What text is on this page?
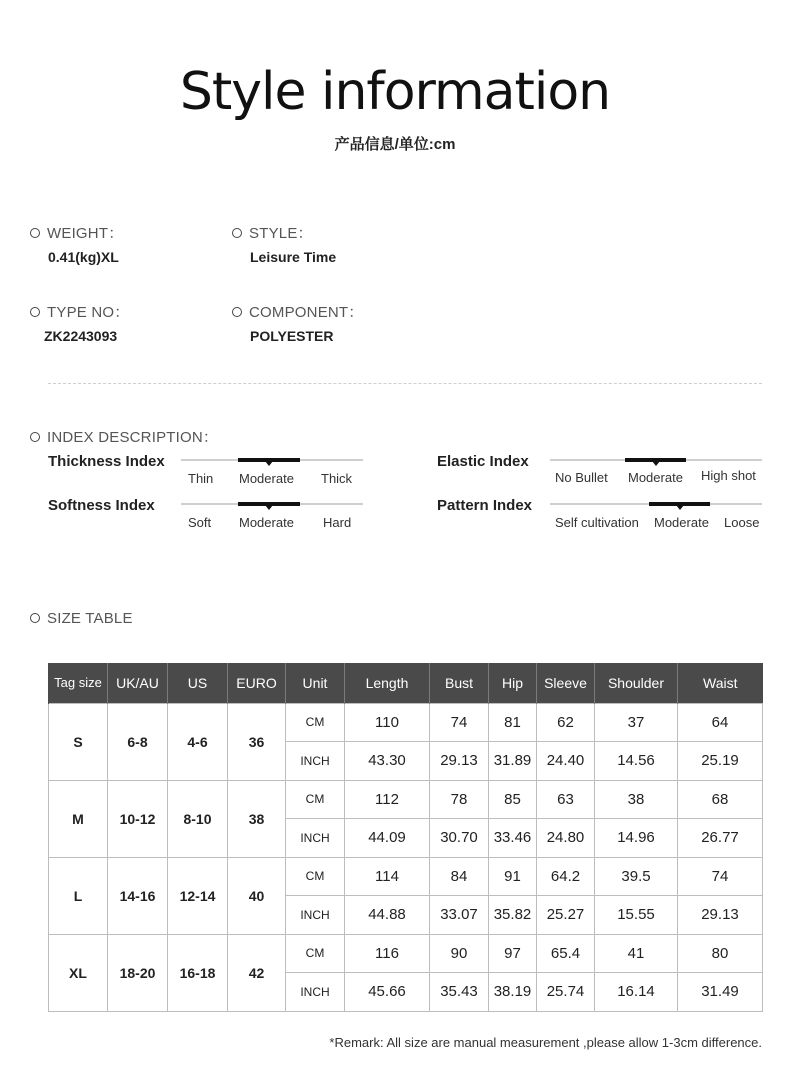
Style information
产品信息/单位:cm
WEIGHT：
0.41(kg)XL
STYLE：
Leisure Time
TYPE NO：
ZK2243093
COMPONENT：
POLYESTER
INDEX DESCRIPTION：
Thickness Index
Thin Moderate Thick
Softness Index
Soft Moderate Hard
Elastic Index
No Bullet Moderate High shot
Pattern Index
Self cultivation Moderate Loose
SIZE TABLE
Tag size	UK/AU	US	EURO	Unit	Length	Bust	Hip	Sleeve	Shoulder	Waist
S	6-8	4-6	36	CM	110	74	81	62	37	64
				INCH	43.30	29.13	31.89	24.40	14.56	25.19
M	10-12	8-10	38	CM	112	78	85	63	38	68
				INCH	44.09	30.70	33.46	24.80	14.96	26.77
L	14-16	12-14	40	CM	114	84	91	64.2	39.5	74
				INCH	44.88	33.07	35.82	25.27	15.55	29.13
XL	18-20	16-18	42	CM	116	90	97	65.4	41	80
				INCH	45.66	35.43	38.19	25.74	16.14	31.49
*Remark: All size are manual measurement ,please allow 1-3cm difference.
